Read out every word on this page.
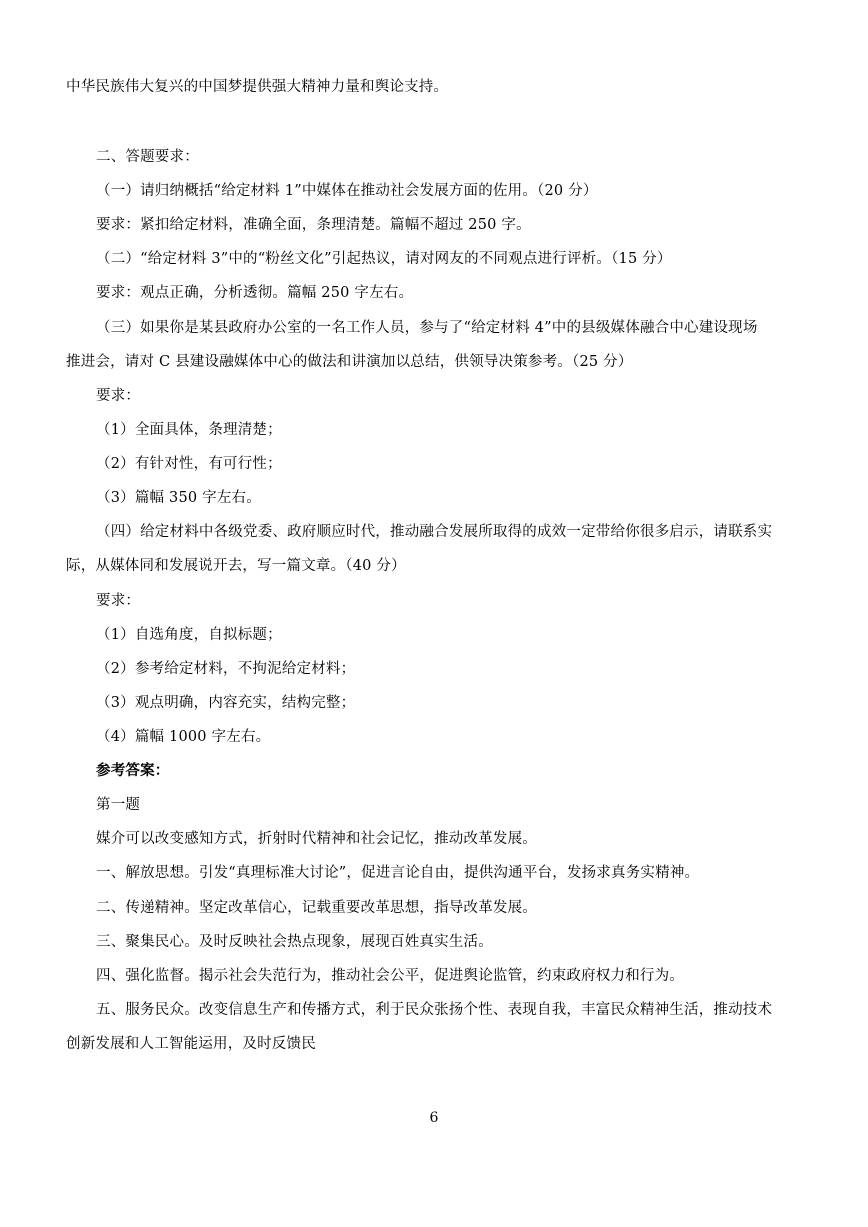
中华民族伟大复兴的中国梦提供强大精神力量和舆论支持。
二、答题要求：
（一）请归纳概括“给定材料 1”中媒体在推动社会发展方面的佐用。（20 分）
要求：紧扣给定材料，准确全面，条理清楚。篇幅不超过 250 字。
（二）“给定材料 3”中的“粉丝文化”引起热议，请对网友的不同观点进行评析。（15 分）
要求：观点正确，分析透彻。篇幅 250 字左右。
（三）如果你是某县政府办公室的一名工作人员，参与了“给定材料 4”中的县级媒体融合中心建设现场
推进会，请对 C 县建设融媒体中心的做法和讲演加以总结，供领导决策参考。（25 分）
要求：
（1）全面具体，条理清楚；
（2）有针对性，有可行性；
（3）篇幅 350 字左右。
（四）给定材料中各级党委、政府顺应时代，推动融合发展所取得的成效一定带给你很多启示，请联系实
际，从媒体同和发展说开去，写一篇文章。（40 分）
要求：
（1）自选角度，自拟标题；
（2）参考给定材料，不拘泥给定材料；
（3）观点明确，内容充实，结构完整；
（4）篇幅 1000 字左右。
参考答案：
第一题
媒介可以改变感知方式，折射时代精神和社会记忆，推动改革发展。
一、解放思想。引发“真理标准大讨论”，促进言论自由，提供沟通平台，发扬求真务实精神。
二、传递精神。坚定改革信心，记载重要改革思想，指导改革发展。
三、聚集民心。及时反映社会热点现象，展现百姓真实生活。
四、强化监督。揭示社会失范行为，推动社会公平，促进舆论监管，约束政府权力和行为。
五、服务民众。改变信息生产和传播方式，利于民众张扬个性、表现自我，丰富民众精神生活，推动技术
创新发展和人工智能运用，及时反馈民
6
